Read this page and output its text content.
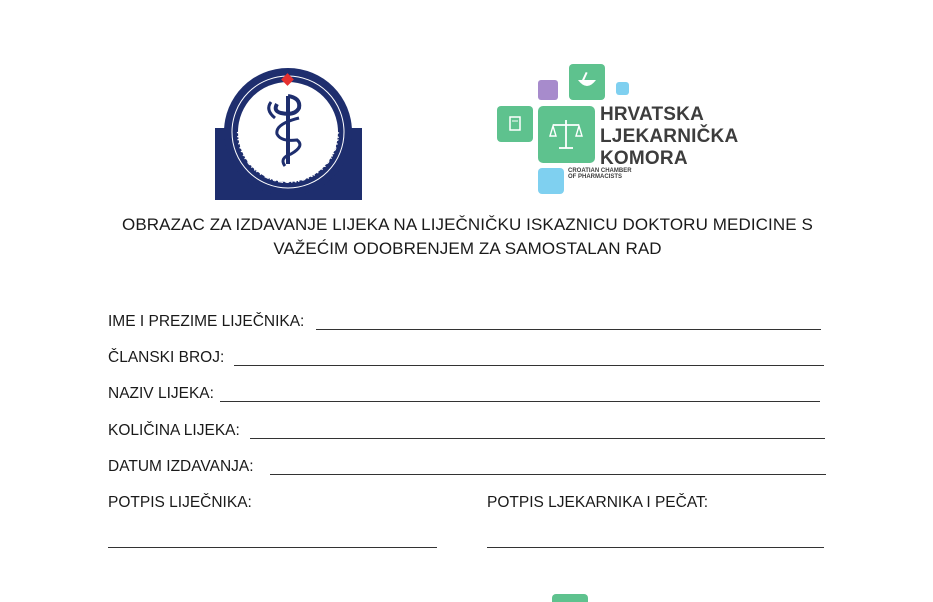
HRVATSKA LIJEČNIČKA KOMORA
HRVATSKA
LJEKARNIČKA
KOMORA
CROATIAN CHAMBER
OF PHARMACISTS
OBRAZAC ZA IZDAVANJE LIJEKA NA LIJEČNIČKU ISKAZNICU DOKTORU MEDICINE S
VAŽEĆIM ODOBRENJEM ZA SAMOSTALAN RAD
IME I PREZIME LIJEČNIKA:
ČLANSKI BROJ:
NAZIV LIJEKA:
KOLIČINA LIJEKA:
DATUM IZDAVANJA:
POTPIS LIJEČNIKA:	POTPIS LJEKARNIKA I PEČAT:
